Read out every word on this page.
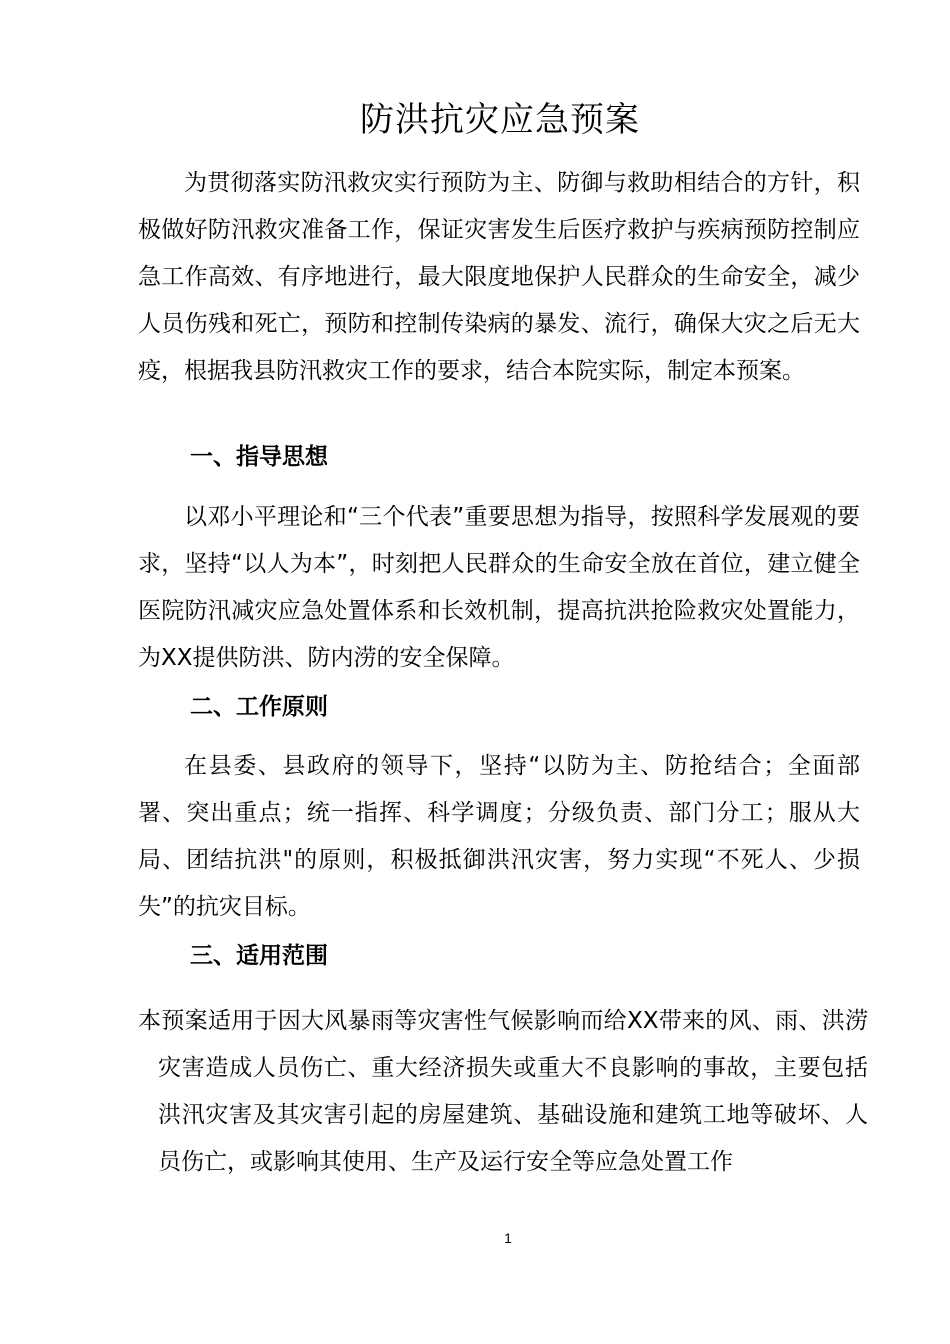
防洪抗灾应急预案

为贯彻落实防汛救灾实行预防为主、防御与救助相结合的方针，积极做好防汛救灾准备工作，保证灾害发生后医疗救护与疾病预防控制应急工作高效、有序地进行，最大限度地保护人民群众的生命安全，减少人员伤残和死亡，预防和控制传染病的暴发、流行，确保大灾之后无大疫，根据我县防汛救灾工作的要求，结合本院实际，制定本预案。

一、指导思想

以邓小平理论和“三个代表”重要思想为指导，按照科学发展观的要求，坚持“以人为本”，时刻把人民群众的生命安全放在首位，建立健全医院防汛减灾应急处置体系和长效机制，提高抗洪抢险救灾处置能力，为XX提供防洪、防内涝的安全保障。

二、工作原则

在县委、县政府的领导下，坚持“以防为主、防抢结合；全面部署、突出重点；统一指挥、科学调度；分级负责、部门分工；服从大局、团结抗洪"的原则，积极抵御洪汛灾害，努力实现“不死人、少损失”的抗灾目标。

三、适用范围

本预案适用于因大风暴雨等灾害性气候影响而给XX带来的风、雨、洪涝灾害造成人员伤亡、重大经济损失或重大不良影响的事故，主要包括洪汛灾害及其灾害引起的房屋建筑、基础设施和建筑工地等破坏、人员伤亡，或影响其使用、生产及运行安全等应急处置工作

1
